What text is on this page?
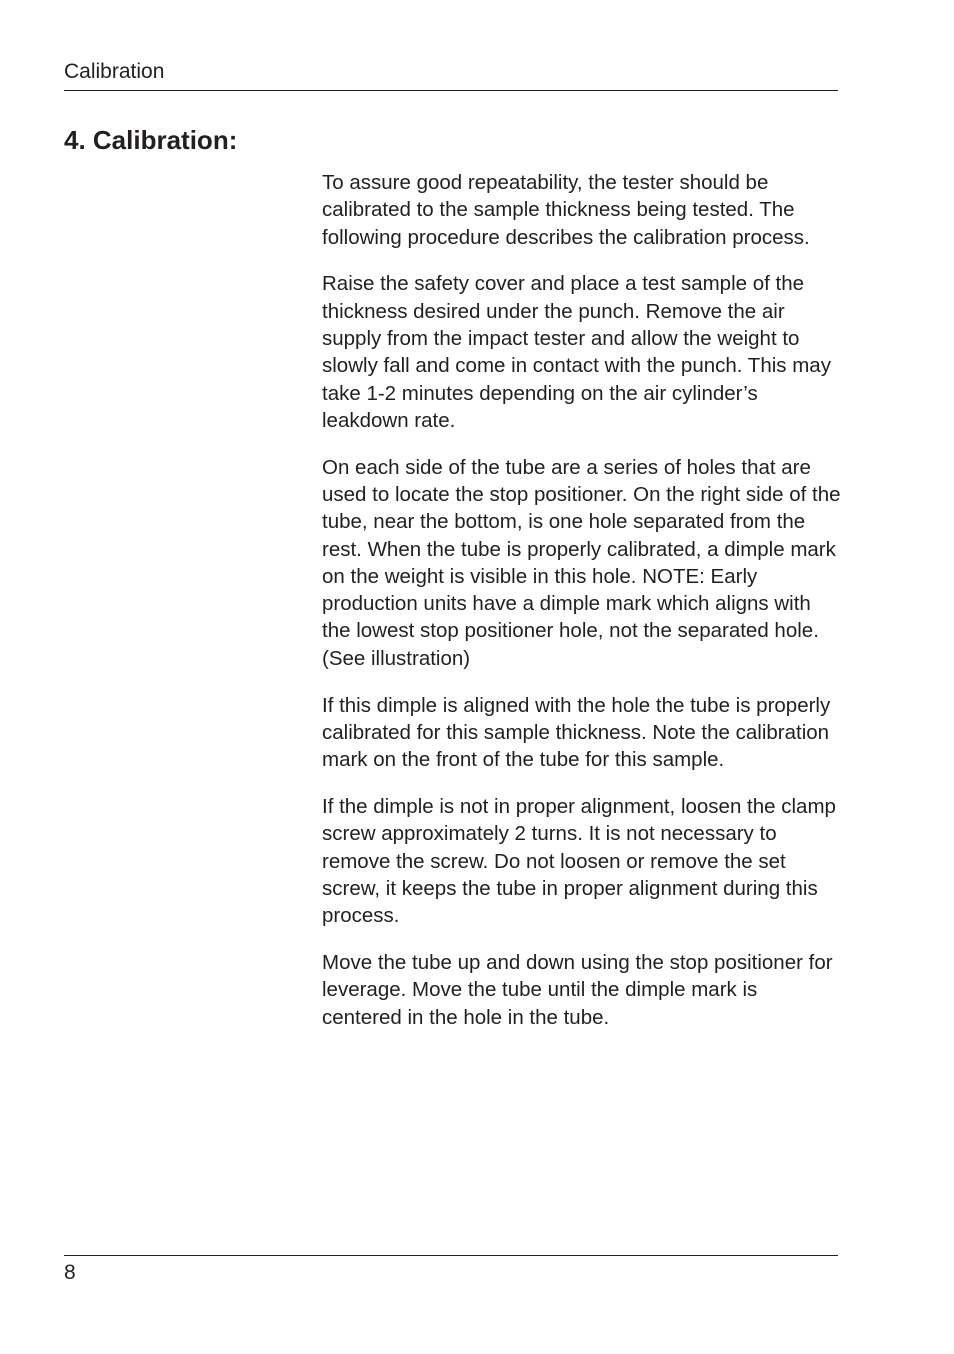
Calibration
4. Calibration:

To assure good repeatability, the tester should be calibrated to the sample thickness being tested. The following procedure describes the calibration process.

Raise the safety cover and place a test sample of the thickness desired under the punch. Remove the air supply from the impact tester and allow the weight to slowly fall and come in contact with the punch. This may take 1-2 minutes depending on the air cylinder’s leakdown rate.

On each side of the tube are a series of holes that are used to locate the stop positioner. On the right side of the tube, near the bottom, is one hole separated from the rest. When the tube is properly calibrated, a dimple mark on the weight is visible in this hole. NOTE: Early production units have a dimple mark which aligns with the lowest stop positioner hole, not the separated hole. (See illustration)

If this dimple is aligned with the hole the tube is properly calibrated for this sample thickness. Note the calibration mark on the front of the tube for this sample.

If the dimple is not in proper alignment, loosen the clamp screw approximately 2 turns. It is not necessary to remove the screw. Do not loosen or remove the set screw, it keeps the tube in proper alignment during this process.

Move the tube up and down using the stop positioner for leverage. Move the tube until the dimple mark is centered in the hole in the tube.

8
